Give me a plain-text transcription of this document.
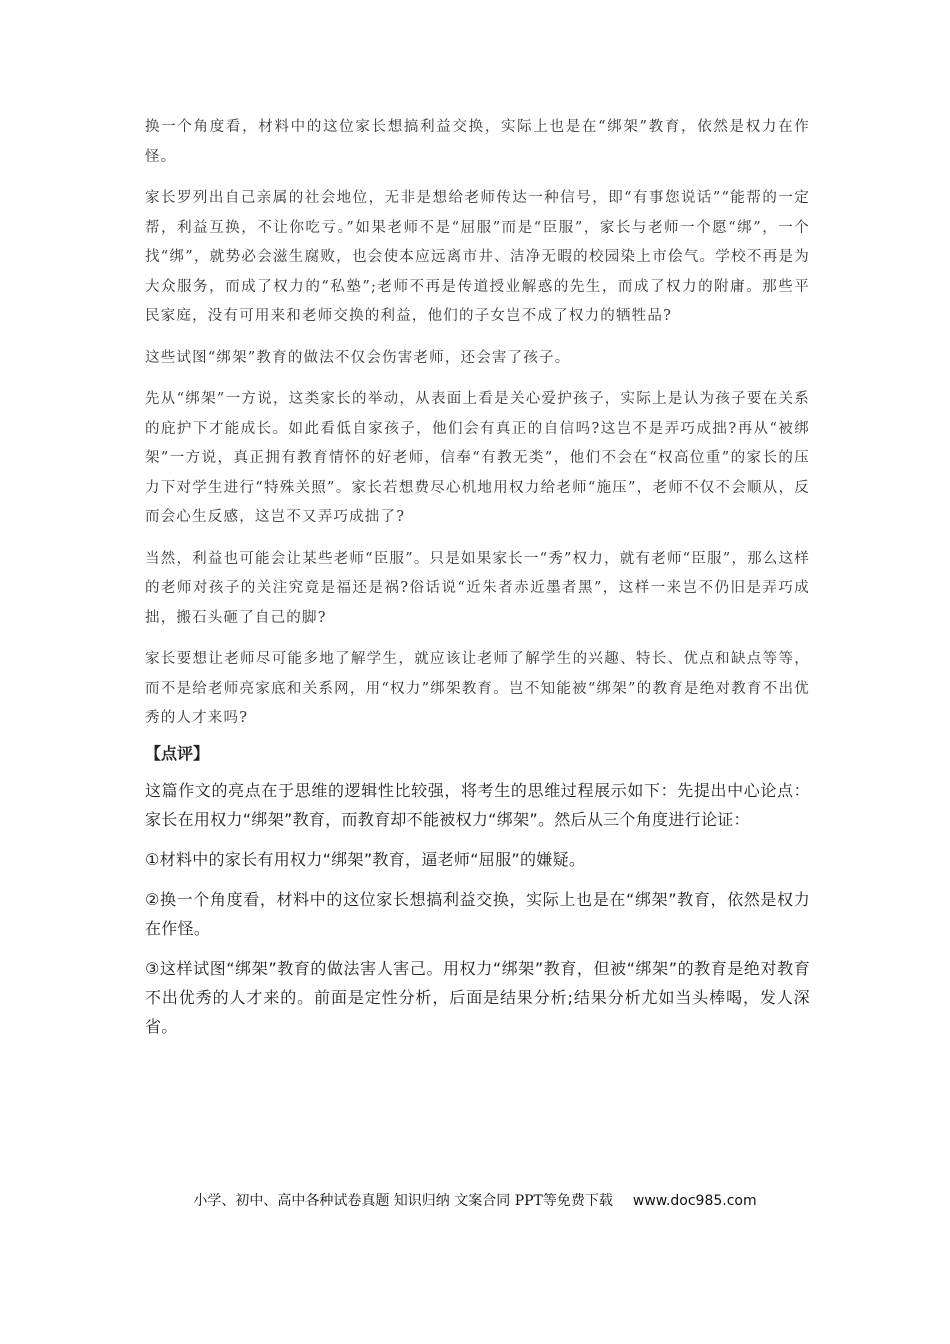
换一个角度看，材料中的这位家长想搞利益交换，实际上也是在“绑架”教育，依然是权力在作怪。

家长罗列出自己亲属的社会地位，无非是想给老师传达一种信号，即“有事您说话”“能帮的一定帮，利益互换，不让你吃亏。”如果老师不是“屈服”而是“臣服”，家长与老师一个愿“绑”，一个找“绑”，就势必会滋生腐败，也会使本应远离市井、洁净无暇的校园染上市侩气。学校不再是为大众服务，而成了权力的“私塾”;老师不再是传道授业解惑的先生，而成了权力的附庸。那些平民家庭，没有可用来和老师交换的利益，他们的子女岂不成了权力的牺牲品?

这些试图“绑架”教育的做法不仅会伤害老师，还会害了孩子。

先从“绑架”一方说，这类家长的举动，从表面上看是关心爱护孩子，实际上是认为孩子要在关系的庇护下才能成长。如此看低自家孩子，他们会有真正的自信吗?这岂不是弄巧成拙?再从“被绑架”一方说，真正拥有教育情怀的好老师，信奉“有教无类”，他们不会在“权高位重”的家长的压力下对学生进行“特殊关照”。家长若想费尽心机地用权力给老师“施压”，老师不仅不会顺从，反而会心生反感，这岂不又弄巧成拙了?

当然，利益也可能会让某些老师“臣服”。只是如果家长一“秀”权力，就有老师“臣服”，那么这样的老师对孩子的关注究竟是福还是祸?俗话说“近朱者赤近墨者黑”，这样一来岂不仍旧是弄巧成拙，搬石头砸了自己的脚?

家长要想让老师尽可能多地了解学生，就应该让老师了解学生的兴趣、特长、优点和缺点等等，而不是给老师亮家底和关系网，用“权力”绑架教育。岂不知能被“绑架”的教育是绝对教育不出优秀的人才来吗?

【点评】

这篇作文的亮点在于思维的逻辑性比较强，将考生的思维过程展示如下：先提出中心论点：家长在用权力“绑架”教育，而教育却不能被权力“绑架”。然后从三个角度进行论证：

①材料中的家长有用权力“绑架”教育，逼老师“屈服”的嫌疑。

②换一个角度看，材料中的这位家长想搞利益交换，实际上也是在“绑架”教育，依然是权力在作怪。

③这样试图“绑架”教育的做法害人害己。用权力“绑架”教育，但被“绑架”的教育是绝对教育不出优秀的人才来的。前面是定性分析，后面是结果分析;结果分析尤如当头棒喝，发人深省。

小学、初中、高中各种试卷真题 知识归纳 文案合同 PPT等免费下载 www.doc985.com
